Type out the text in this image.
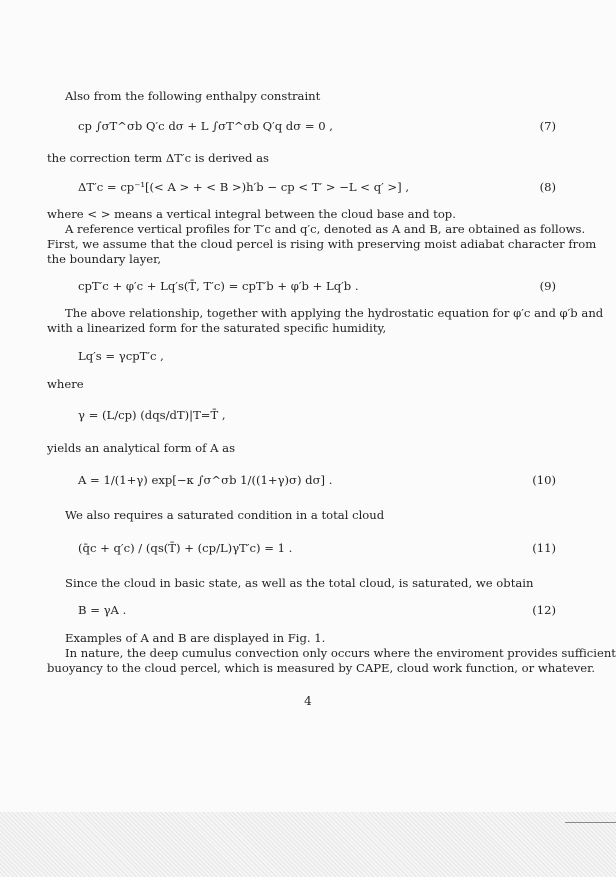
Also from the following enthalpy constraint
cp ∫σT^σb Q′c dσ + L ∫σT^σb Q′q dσ = 0 ,	(7)
the correction term ΔT′c is derived as
ΔT′c = cp⁻¹[(< A > + < B >)h′b − cp < T′ > −L < q′ >] ,	(8)
where < > means a vertical integral between the cloud base and top.
A reference vertical profiles for T′c and q′c, denoted as A and B, are obtained as follows.
First, we assume that the cloud percel is rising with preserving moist adiabat character from
the boundary layer,
cpT′c + φ′c + Lq′s(T̄, T′c) = cpT′b + φ′b + Lq′b .	(9)
The above relationship, together with applying the hydrostatic equation for φ′c and φ′b and
with a linearized form for the saturated specific humidity,
Lq′s = γcpT′c ,
where
γ = (L/cp) (dqs/dT)|T=T̄ ,
yields an analytical form of A as
A = 1/(1+γ) exp[−κ ∫σ^σb 1/((1+γ)σ) dσ] .	(10)
We also requires a saturated condition in a total cloud
(q̄c + q′c) / (qs(T̄) + (cp/L)γT′c) = 1 .	(11)
Since the cloud in basic state, as well as the total cloud, is saturated, we obtain
B = γA .	(12)
Examples of A and B are displayed in Fig. 1.
In nature, the deep cumulus convection only occurs where the enviroment provides sufficient
buoyancy to the cloud percel, which is measured by CAPE, cloud work function, or whatever.
4
